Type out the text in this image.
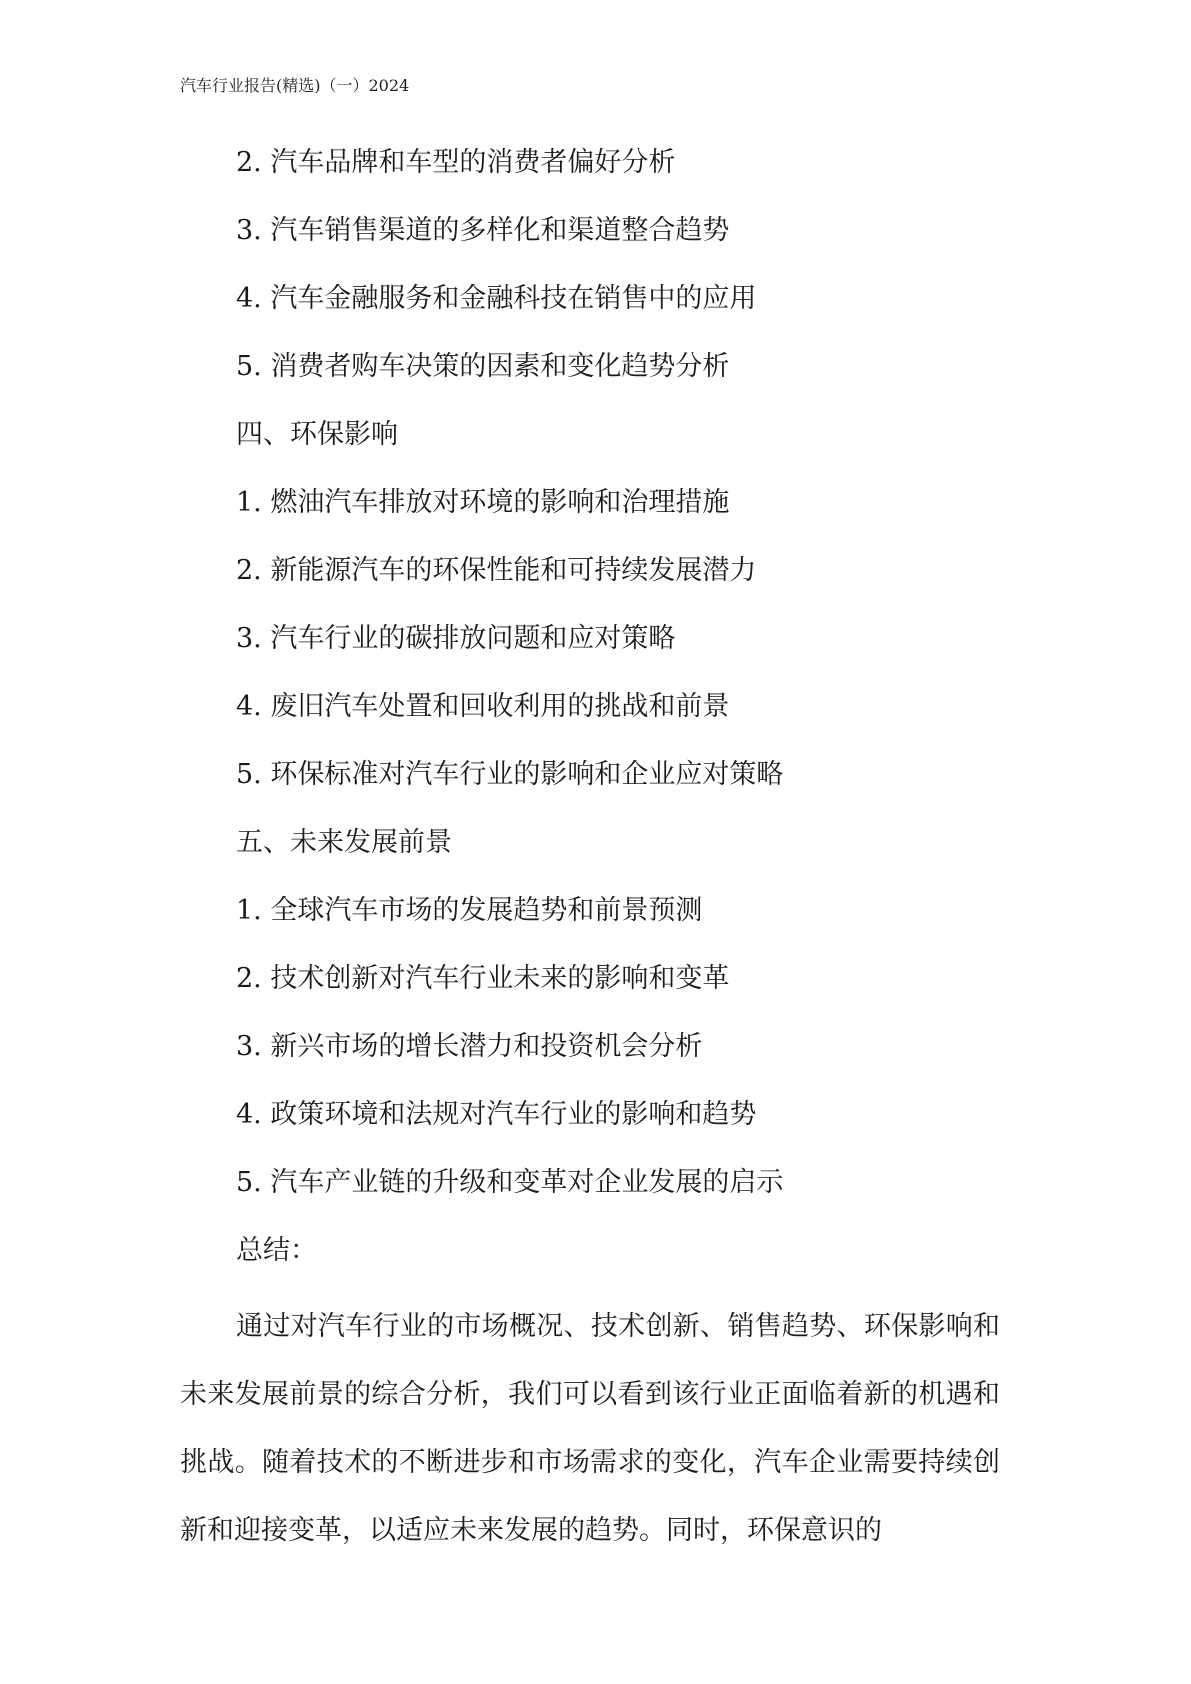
汽车行业报告(精选)（一）2024
2. 汽车品牌和车型的消费者偏好分析
3. 汽车销售渠道的多样化和渠道整合趋势
4. 汽车金融服务和金融科技在销售中的应用
5. 消费者购车决策的因素和变化趋势分析
四、环保影响
1. 燃油汽车排放对环境的影响和治理措施
2. 新能源汽车的环保性能和可持续发展潜力
3. 汽车行业的碳排放问题和应对策略
4. 废旧汽车处置和回收利用的挑战和前景
5. 环保标准对汽车行业的影响和企业应对策略
五、未来发展前景
1. 全球汽车市场的发展趋势和前景预测
2. 技术创新对汽车行业未来的影响和变革
3. 新兴市场的增长潜力和投资机会分析
4. 政策环境和法规对汽车行业的影响和趋势
5. 汽车产业链的升级和变革对企业发展的启示
总结：

通过对汽车行业的市场概况、技术创新、销售趋势、环保影响和未来发展前景的综合分析，我们可以看到该行业正面临着新的机遇和挑战。随着技术的不断进步和市场需求的变化，汽车企业需要持续创新和迎接变革，以适应未来发展的趋势。同时，环保意识的
